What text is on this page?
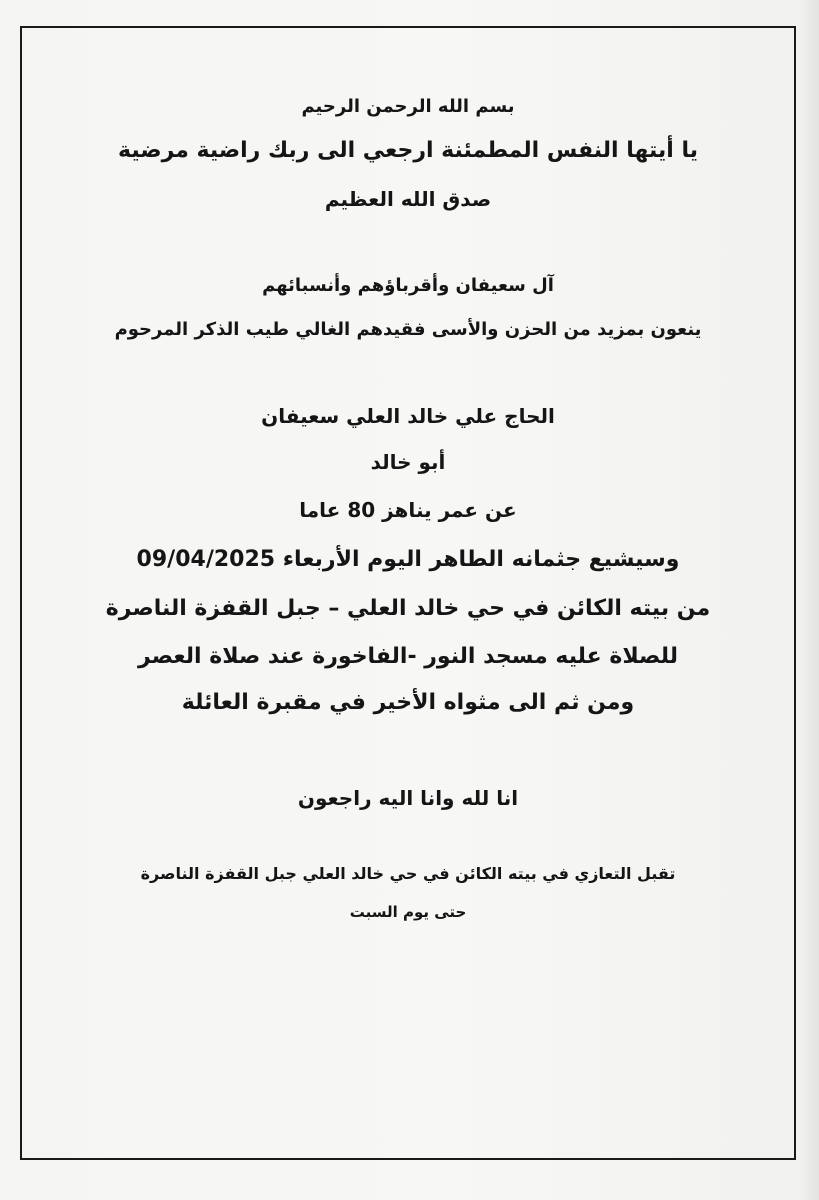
بسم الله الرحمن الرحيم
يا أيتها النفس المطمئنة ارجعي الى ربك راضية مرضية
صدق الله العظيم
آل سعيفان وأقرباؤهم وأنسبائهم
ينعون بمزيد من الحزن والأسى فقيدهم الغالي طيب الذكر المرحوم
الحاج علي خالد العلي سعيفان
أبو خالد
عن عمر يناهز 80 عاما
وسيشيع جثمانه الطاهر اليوم الأربعاء 09/04/2025
من بيته الكائن في حي خالد العلي – جبل القفزة الناصرة
للصلاة عليه مسجد النور -الفاخورة عند صلاة العصر
ومن ثم الى مثواه الأخير في مقبرة العائلة
انا لله وانا اليه راجعون
تقبل التعازي في بيته الكائن في حي خالد العلي جبل القفزة الناصرة
حتى يوم السبت
